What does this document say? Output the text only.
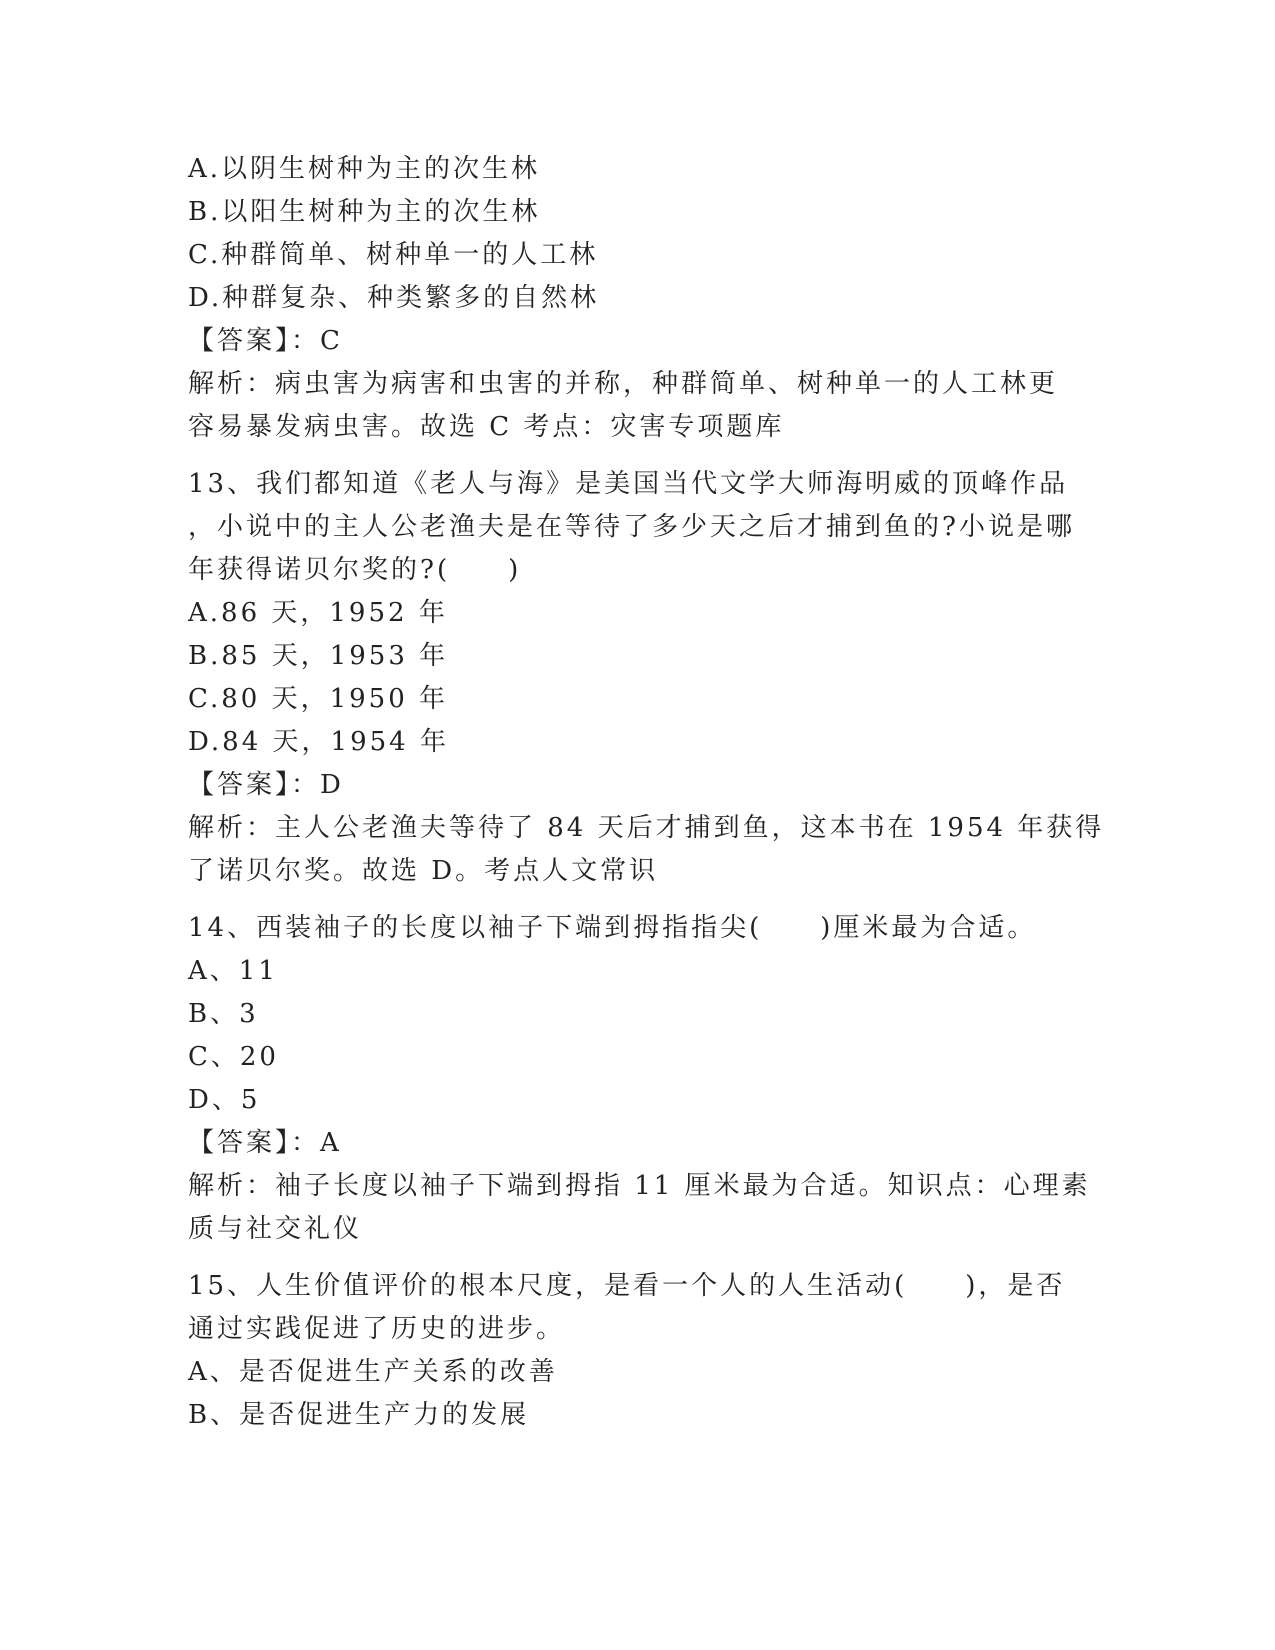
A.以阴生树种为主的次生林
B.以阳生树种为主的次生林
C.种群简单、树种单一的人工林
D.种群复杂、种类繁多的自然林
【答案】：C
解析：病虫害为病害和虫害的并称，种群简单、树种单一的人工林更
容易暴发病虫害。故选 C 考点：灾害专项题库
13、我们都知道《老人与海》是美国当代文学大师海明威的顶峰作品
，小说中的主人公老渔夫是在等待了多少天之后才捕到鱼的?小说是哪
年获得诺贝尔奖的?(　　)
A.86 天，1952 年
B.85 天，1953 年
C.80 天，1950 年
D.84 天，1954 年
【答案】：D
解析：主人公老渔夫等待了 84 天后才捕到鱼，这本书在 1954 年获得
了诺贝尔奖。故选 D。考点人文常识
14、西装袖子的长度以袖子下端到拇指指尖(　　)厘米最为合适。
A、11
B、3
C、20
D、5
【答案】：A
解析：袖子长度以袖子下端到拇指 11 厘米最为合适。知识点：心理素
质与社交礼仪
15、人生价值评价的根本尺度，是看一个人的人生活动(　　)，是否
通过实践促进了历史的进步。
A、是否促进生产关系的改善
B、是否促进生产力的发展
